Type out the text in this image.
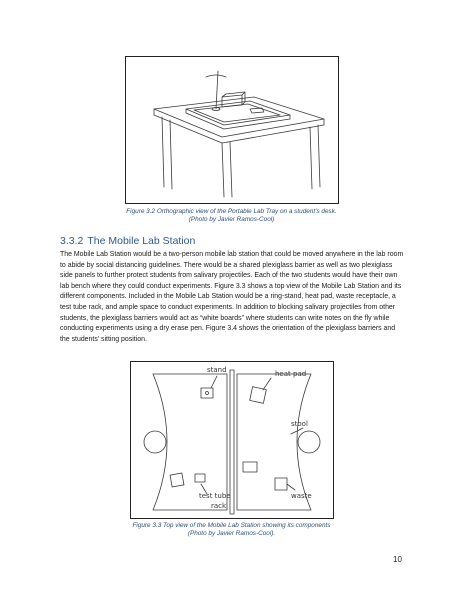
Figure 3.2 Orthographic view of the Portable Lab Tray on a student’s desk.
(Photo by Javier Ramos-Cool)
3.3.2 The Mobile Lab Station

The Mobile Lab Station would be a two-person mobile lab station that could be moved anywhere in the lab room to abide by social distancing guidelines. There would be a shared plexiglass barrier as well as two plexiglass side panels to further protect students from salivary projectiles. Each of the two students would have their own lab bench where they could conduct experiments. Figure 3.3 shows a top view of the Mobile Lab Station and its different components. Included in the Mobile Lab Station would be a ring-stand, heat pad, waste receptacle, a test tube rack, and ample space to conduct experiments. In addition to blocking salivary projectiles from other students, the plexiglass barriers would act as “white boards” where students can write notes on the fly while conducting experiments using a dry erase pen. Figure 3.4 shows the orientation of the plexiglass barriers and the students’ sitting position.

stand	heat pad
stool
waste
test tube
rack
Figure 3.3 Top view of the Mobile Lab Station showing its components
(Photo by Javier Ramos-Cool).
10
